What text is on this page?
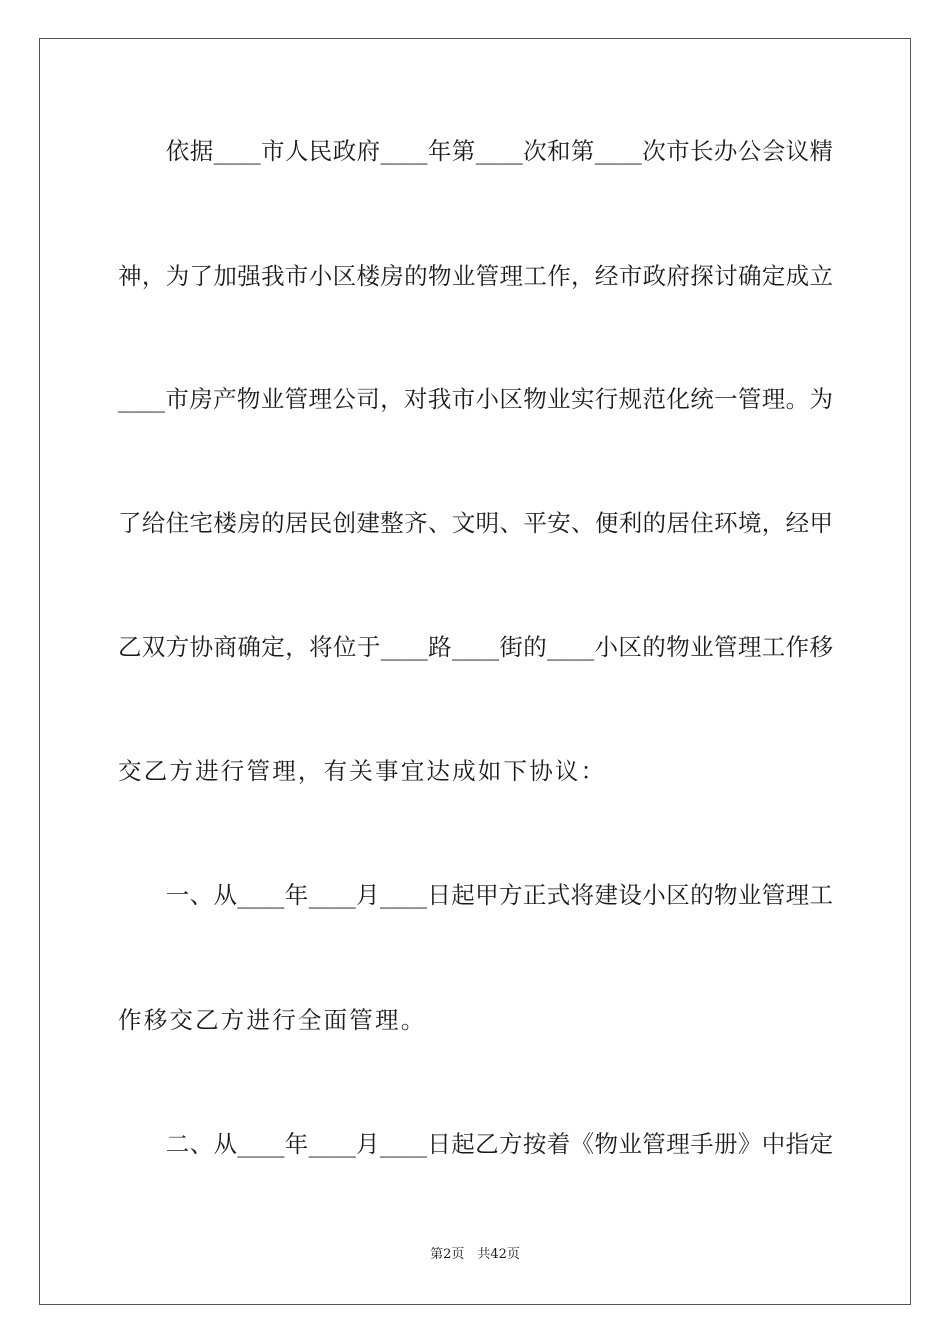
　　依据____市人民政府____年第____次和第____次市长办公会议精
神，为了加强我市小区楼房的物业管理工作，经市政府探讨确定成立
____市房产物业管理公司，对我市小区物业实行规范化统一管理。为
了给住宅楼房的居民创建整齐、文明、平安、便利的居住环境，经甲
乙双方协商确定，将位于____路____街的____小区的物业管理工作移
交乙方进行管理，有关事宜达成如下协议：
　　一、从____年____月____日起甲方正式将建设小区的物业管理工
作移交乙方进行全面管理。
　　二、从____年____月____日起乙方按着《物业管理手册》中指定
第2页　共42页
